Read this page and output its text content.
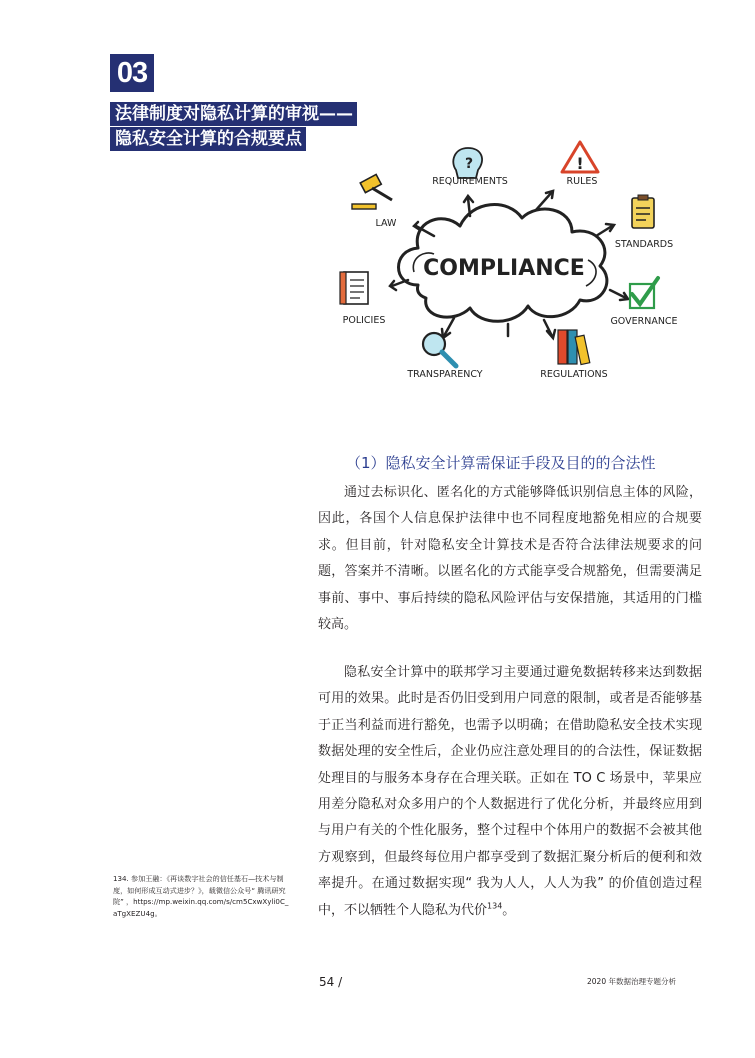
03
法律制度对隐私计算的审视——
隐私安全计算的合规要点
COMPLIANCE
?
REQUIREMENTS
!
RULES
LAW
STANDARDS
POLICIES	GOVERNANCE
TRANSPARENCY	REGULATIONS
（1）隐私安全计算需保证手段及目的的合法性

通过去标识化、匿名化的方式能够降低识别信息主体的风险，因此，各国个人信息保护法律中也不同程度地豁免相应的合规要求。但目前，针对隐私安全计算技术是否符合法律法规要求的问题，答案并不清晰。以匿名化的方式能享受合规豁免，但需要满足事前、事中、事后持续的隐私风险评估与安保措施，其适用的门槛较高。

隐私安全计算中的联邦学习主要通过避免数据转移来达到数据可用的效果。此时是否仍旧受到用户同意的限制，或者是否能够基于正当利益而进行豁免，也需予以明确；在借助隐私安全技术实现数据处理的安全性后，企业仍应注意处理目的的合法性，保证数据处理目的与服务本身存在合理关联。正如在 TO C 场景中，苹果应用差分隐私对众多用户的个人数据进行了优化分析，并最终应用到与用户有关的个性化服务，整个过程中个体用户的数据不会被其他方观察到，但最终每位用户都享受到了数据汇聚分析后的便利和效率提升。在通过数据实现“ 我为人人，人人为我” 的价值创造过程中，不以牺牲个人隐私为代价$^{134}$。

134. 参加王融：《再谈数字社会的信任基石—技术与制度，如何形成互动式进步？》，载微信公众号“ 腾讯研究院” ，https://mp.weixin.qq.com/s/cm5CxwXyli0C_aTgXEZU4g。

54 /	2020 年数据治理专题分析
